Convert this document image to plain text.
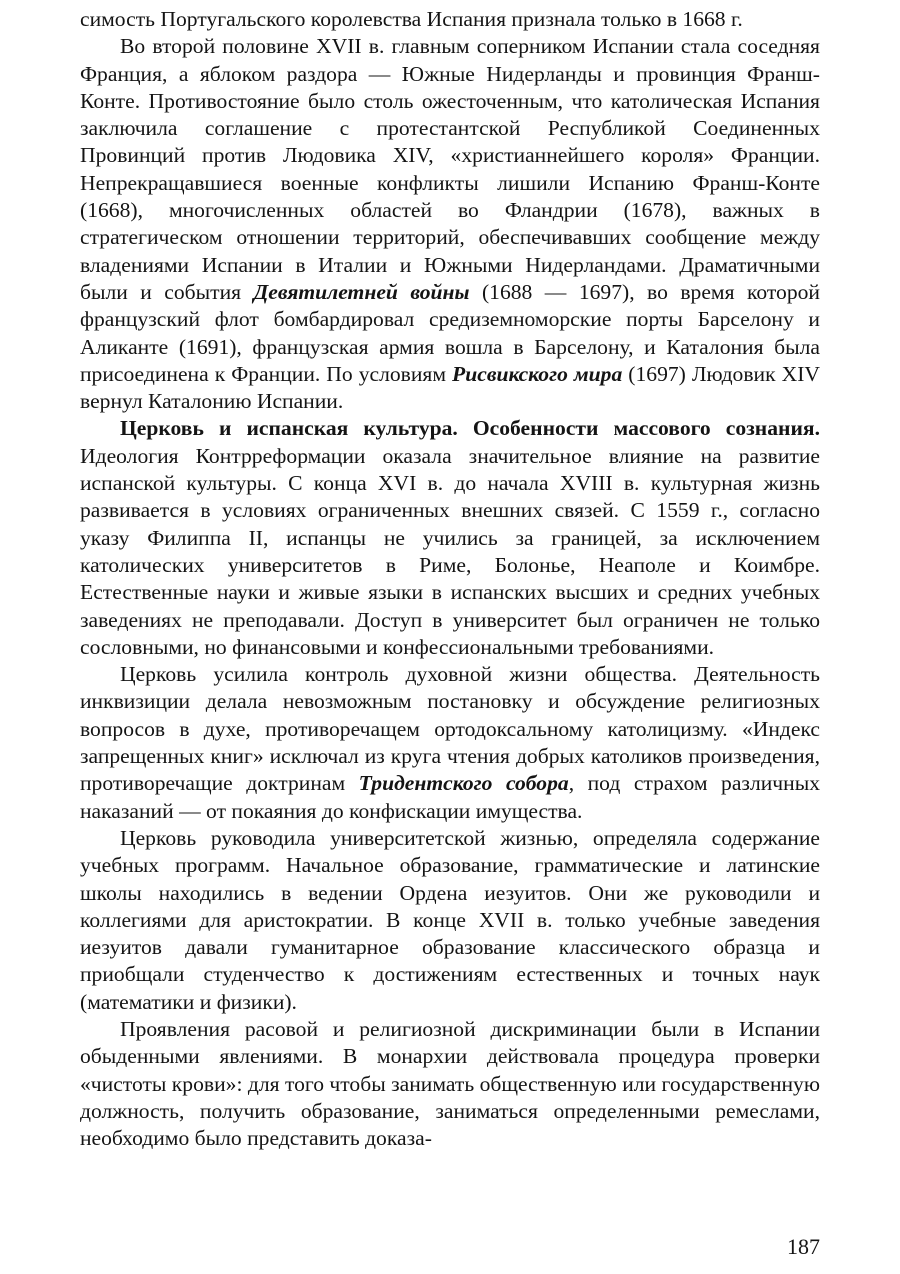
симость Португальского королевства Испания признала только в 1668 г.

Во второй половине XVII в. главным соперником Испании стала соседняя Франция, а яблоком раздора — Южные Нидерланды и провинция Франш-Конте. Противостояние было столь ожесточенным, что католическая Испания заключила соглашение с протестантской Республикой Соединенных Провинций против Людовика XIV, «христианнейшего короля» Франции. Непрекращавшиеся военные конфликты лишили Испанию Франш-Конте (1668), многочисленных областей во Фландрии (1678), важных в стратегическом отношении территорий, обеспечивавших сообщение между владениями Испании в Италии и Южными Нидерландами. Драматичными были и события Девятилетней войны (1688 — 1697), во время которой французский флот бомбардировал средиземноморские порты Барселону и Аликанте (1691), французская армия вошла в Барселону, и Каталония была присоединена к Франции. По условиям Рисвикского мира (1697) Людовик XIV вернул Каталонию Испании.

Церковь и испанская культура. Особенности массового сознания. Идеология Контрреформации оказала значительное влияние на развитие испанской культуры. С конца XVI в. до начала XVIII в. культурная жизнь развивается в условиях ограниченных внешних связей. С 1559 г., согласно указу Филиппа II, испанцы не учились за границей, за исключением католических университетов в Риме, Болонье, Неаполе и Коимбре. Естественные науки и живые языки в испанских высших и средних учебных заведениях не преподавали. Доступ в университет был ограничен не только сословными, но финансовыми и конфессиональными требованиями.

Церковь усилила контроль духовной жизни общества. Деятельность инквизиции делала невозможным постановку и обсуждение религиозных вопросов в духе, противоречащем ортодоксальному католицизму. «Индекс запрещенных книг» исключал из круга чтения добрых католиков произведения, противоречащие доктринам Тридентского собора, под страхом различных наказаний — от покаяния до конфискации имущества.

Церковь руководила университетской жизнью, определяла содержание учебных программ. Начальное образование, грамматические и латинские школы находились в ведении Ордена иезуитов. Они же руководили и коллегиями для аристократии. В конце XVII в. только учебные заведения иезуитов давали гуманитарное образование классического образца и приобщали студенчество к достижениям естественных и точных наук (математики и физики).

Проявления расовой и религиозной дискриминации были в Испании обыденными явлениями. В монархии действовала процедура проверки «чистоты крови»: для того чтобы занимать общественную или государственную должность, получить образование, заниматься определенными ремеслами, необходимо было представить доказа-

187
